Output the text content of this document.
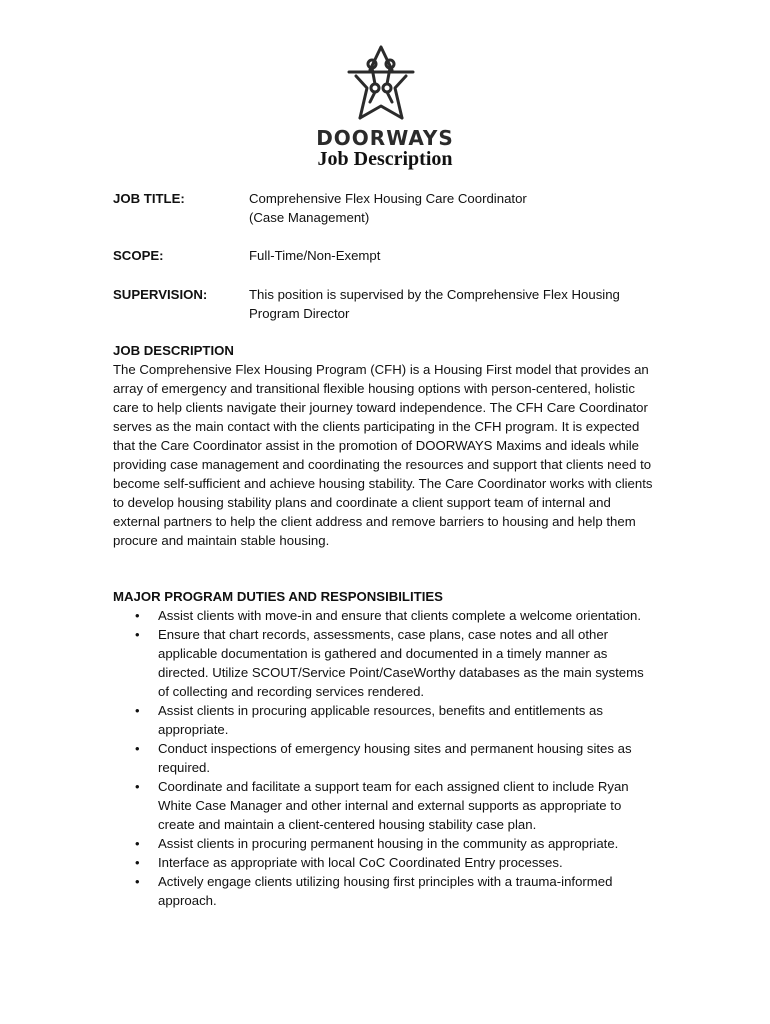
DOORWAYS
Job Description
JOB TITLE:	Comprehensive Flex Housing Care Coordinator
(Case Management)
SCOPE:	Full-Time/Non-Exempt
SUPERVISION:	This position is supervised by the Comprehensive Flex Housing
Program Director
JOB DESCRIPTION

The Comprehensive Flex Housing Program (CFH) is a Housing First model that provides an array of emergency and transitional flexible housing options with person-centered, holistic care to help clients navigate their journey toward independence. The CFH Care Coordinator serves as the main contact with the clients participating in the CFH program. It is expected that the Care Coordinator assist in the promotion of DOORWAYS Maxims and ideals while providing case management and coordinating the resources and support that clients need to become self-sufficient and achieve housing stability. The Care Coordinator works with clients to develop housing stability plans and coordinate a client support team of internal and external partners to help the client address and remove barriers to housing and help them procure and maintain stable housing.

MAJOR PROGRAM DUTIES AND RESPONSIBILITIES
• Assist clients with move-in and ensure that clients complete a welcome orientation.
• Ensure that chart records, assessments, case plans, case notes and all other applicable documentation is gathered and documented in a timely manner as directed. Utilize SCOUT/Service Point/CaseWorthy databases as the main systems of collecting and recording services rendered.
• Assist clients in procuring applicable resources, benefits and entitlements as appropriate.
• Conduct inspections of emergency housing sites and permanent housing sites as required.
• Coordinate and facilitate a support team for each assigned client to include Ryan White Case Manager and other internal and external supports as appropriate to create and maintain a client-centered housing stability case plan.
• Assist clients in procuring permanent housing in the community as appropriate.
• Interface as appropriate with local CoC Coordinated Entry processes.
• Actively engage clients utilizing housing first principles with a trauma-informed approach.
